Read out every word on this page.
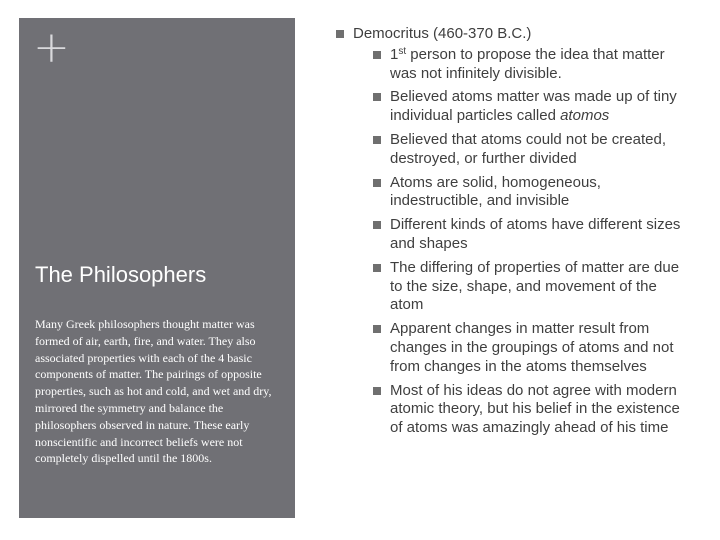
+
The Philosophers

Many Greek philosophers thought matter was formed of air, earth, fire, and water. They also associated properties with each of the 4 basic components of matter. The pairings of opposite properties, such as hot and cold, and wet and dry, mirrored the symmetry and balance the philosophers observed in nature. These early nonscientific and incorrect beliefs were not completely dispelled until the 1800s.

Democritus (460-370 B.C.)
1st person to propose the idea that matter was not infinitely divisible.
Believed atoms matter was made up of tiny individual particles called atomos
Believed that atoms could not be created, destroyed, or further divided
Atoms are solid, homogeneous, indestructible, and invisible
Different kinds of atoms have different sizes and shapes
The differing of properties of matter are due to the size, shape, and movement of the atom
Apparent changes in matter result from changes in the groupings of atoms and not from changes in the atoms themselves
Most of his ideas do not agree with modern atomic theory, but his belief in the existence of atoms was amazingly ahead of his time
